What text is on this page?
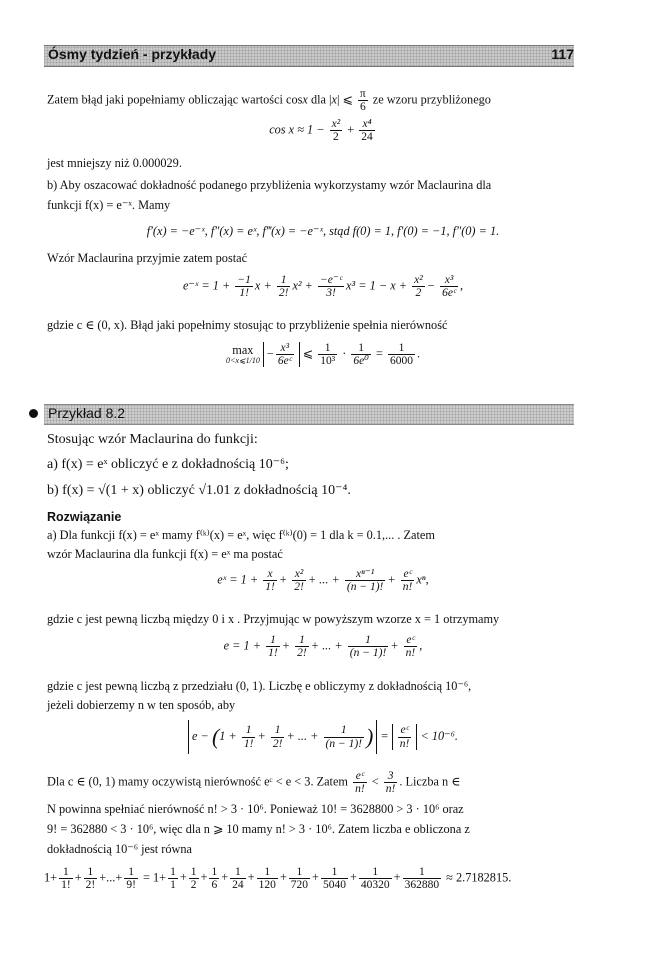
Ósmy tydzień - przykłady	117
Zatem błąd jaki popełniamy obliczając wartości cosx dla |x| ⩽ $\frac{\pi}{6}$ ze wzoru przybliżonego
$\cos x \approx 1 - \frac{\text{x²}}{2} + \frac{\text{x⁴}}{24}$
jest mniejszy niż 0.000029.
b) Aby oszacować dokładność podanego przybliżenia wykorzystamy wzór Maclaurina dla
funkcji f(x) = e⁻ˣ. Mamy
f′(x) = −e⁻ˣ, f″(x) = eˣ, f‴(x) = −e⁻ˣ, stąd f(0) = 1, f′(0) = −1, f″(0) = 1.
Wzór Maclaurina przyjmie zatem postać
e⁻ˣ = $1 + \frac{-1}{1!}$ $x + \frac{1}{2!} x^2 + \frac{\text{−e⁻ᶜ}}{3!} x^3 = 1 - x + \frac{\text{x²}}{2} - \frac{\text{x³}}{\text{6eᶜ}}$ ,
gdzie c ∈ (0, x). Błąd jaki popełnimy stosując to przybliżenie spełnia nierówność
max
0<x⩽1/10 − $\frac{\text{x³}}{\text{6eᶜ}}$ ⩽ $\frac{1}{\text{10³}} \cdot \frac{1}{\text{6e⁰}} = \frac{1}{6000}$ .
Przykład 8.2
Stosując wzór Maclaurina do funkcji:
a) f(x) = eˣ obliczyć e z dokładnością 10⁻⁶;
b) f(x) = √(1 + x) obliczyć √1.01 z dokładnością 10⁻⁴.
Rozwiązanie
a) Dla funkcji f(x) = eˣ mamy f⁽ᵏ⁾(x) = eˣ, więc f⁽ᵏ⁾(0) = 1 dla k = 0.1,... . Zatem
wzór Maclaurina dla funkcji f(x) = eˣ ma postać
eˣ = $1 + \frac{x}{1!} + \frac{\text{x²}}{2!}$ + ... + $\frac{\text{xⁿ⁻¹}}{(n - 1)!} + \frac{\text{eᶜ}}{n!} x^n$,
gdzie c jest pewną liczbą między 0 i x . Przyjmując w powyższym wzorze x = 1 otrzymamy
$e = 1 + \frac{1}{1!} + \frac{1}{2!}$ + ... + $\frac{1}{(n - 1)!} + \frac{\text{eᶜ}}{n!}$ ,
gdzie c jest pewną liczbą z przedziału (0, 1). Liczbę e obliczymy z dokładnością 10⁻⁶,
jeżeli dobierzemy n w ten sposób, aby
$e - (1 + \frac{1}{1!} + \frac{1}{2!}$ + ... + $\frac{1}{(n - 1)!}$ ) = $\frac{\text{eᶜ}}{n!} < 10^{-6}$.
Dla c ∈ (0, 1) mamy oczywistą nierówność eᶜ < e < 3. Zatem $\frac{\text{eᶜ}}{n!} < \frac{3}{n!}$ . Liczba n ∈
N powinna spełniać nierówność n! > 3 · 10⁶. Ponieważ 10! = 3628800 > 3 · 10⁶ oraz
9! = 362880 < 3 · 10⁶, więc dla n ⩾ 10 mamy n! > 3 · 10⁶. Zatem liczba e obliczona z
dokładnością 10⁻⁶ jest równa
$1+ \frac{1}{1!} + \frac{1}{2!}$ +...+ $\frac{1}{9!} = 1+ \frac{1}{1} + \frac{1}{2} + \frac{1}{6} + \frac{1}{24} + \frac{1}{120} + \frac{1}{720} + \frac{1}{5040} + \frac{1}{40320} + \frac{1}{362880} \approx 2.7182815$.
